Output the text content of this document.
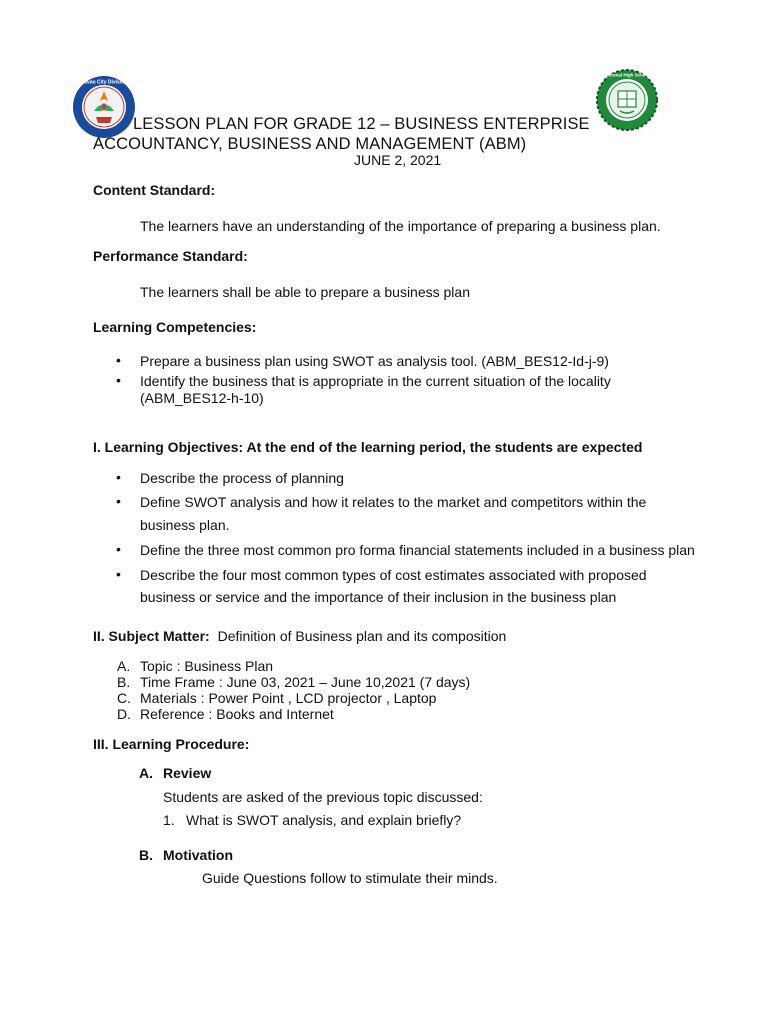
Davao City Division
National High School
LESSON PLAN FOR GRADE 12 – BUSINESS ENTERPRISE
ACCOUNTANCY, BUSINESS AND MANAGEMENT (ABM)
JUNE 2, 2021
Content Standard:
The learners have an understanding of the importance of preparing a business plan.
Performance Standard:
The learners shall be able to prepare a business plan
Learning Competencies:
• Prepare a business plan using SWOT as analysis tool. (ABM_BES12-Id-j-9)
• Identify the business that is appropriate in the current situation of the locality
(ABM_BES12-h-10)
I. Learning Objectives: At the end of the learning period, the students are expected
• Describe the process of planning
• Define SWOT analysis and how it relates to the market and competitors within the
business plan.
• Define the three most common pro forma financial statements included in a business plan
• Describe the four most common types of cost estimates associated with proposed
business or service and the importance of their inclusion in the business plan
II. Subject Matter: Definition of Business plan and its composition
A. Topic : Business Plan
B. Time Frame : June 03, 2021 – June 10,2021 (7 days)
C. Materials : Power Point , LCD projector , Laptop
D. Reference : Books and Internet
III. Learning Procedure:
A. Review
Students are asked of the previous topic discussed:
1. What is SWOT analysis, and explain briefly?
B. Motivation
Guide Questions follow to stimulate their minds.
